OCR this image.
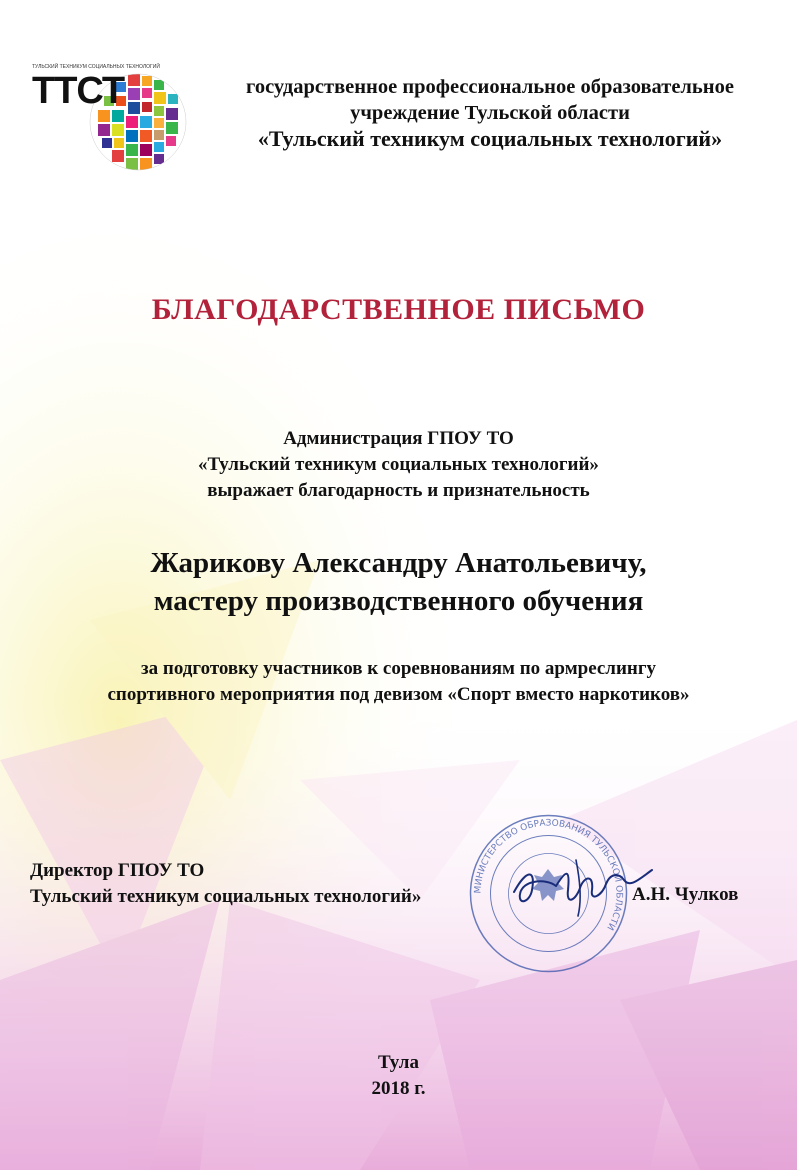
ТУЛЬСКИЙ ТЕХНИКУМ СОЦИАЛЬНЫХ ТЕХНОЛОГИЙ
ТТСТ	государственное профессиональное образовательное
учреждение Тульской области
«Тульский техникум социальных технологий»
БЛАГОДАРСТВЕННОЕ ПИСЬМО
Администрация ГПОУ ТО
«Тульский техникум социальных технологий»
выражает благодарность и признательность
Жарикову Александру Анатольевичу,
мастеру производственного обучения
за подготовку участников к соревнованиям по армреслингу
спортивного мероприятия под девизом «Спорт вместо наркотиков»
МИНИСТЕРСТВО ОБРАЗОВАНИЯ ТУЛЬСКОЙ ОБЛАСТИ
Директор ГПОУ ТО
Тульский техникум социальных технологий»	А.Н. Чулков
Тула
2018 г.
